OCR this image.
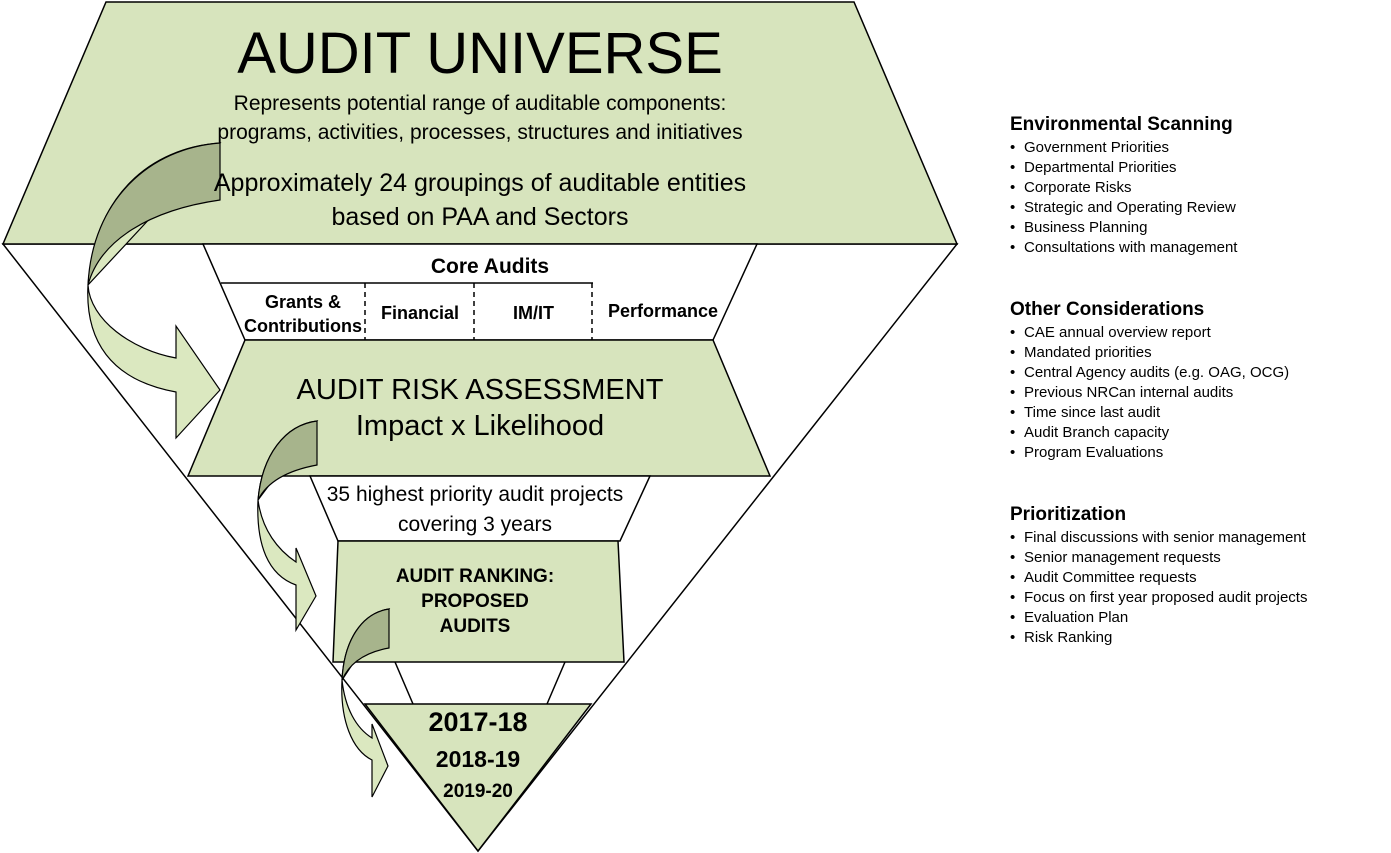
AUDIT UNIVERSE
Represents potential range of auditable components:
programs, activities, processes, structures and initiatives
Approximately 24 groupings of auditable entities
based on PAA and Sectors
Core Audits
Grants &
Contributions
Financial	IM/IT	Performance
AUDIT RISK ASSESSMENT
Impact x Likelihood
35 highest priority audit projects
covering 3 years
AUDIT RANKING:
PROPOSED
AUDITS
2017-18
2018-19
2019-20
Environmental Scanning
• Government Priorities
• Departmental Priorities
• Corporate Risks
• Strategic and Operating Review
• Business Planning
• Consultations with management
Other Considerations
• CAE annual overview report
• Mandated priorities
• Central Agency audits (e.g. OAG, OCG)
• Previous NRCan internal audits
• Time since last audit
• Audit Branch capacity
• Program Evaluations
Prioritization
• Final discussions with senior management
• Senior management requests
• Audit Committee requests
• Focus on first year proposed audit projects
• Evaluation Plan
• Risk Ranking
